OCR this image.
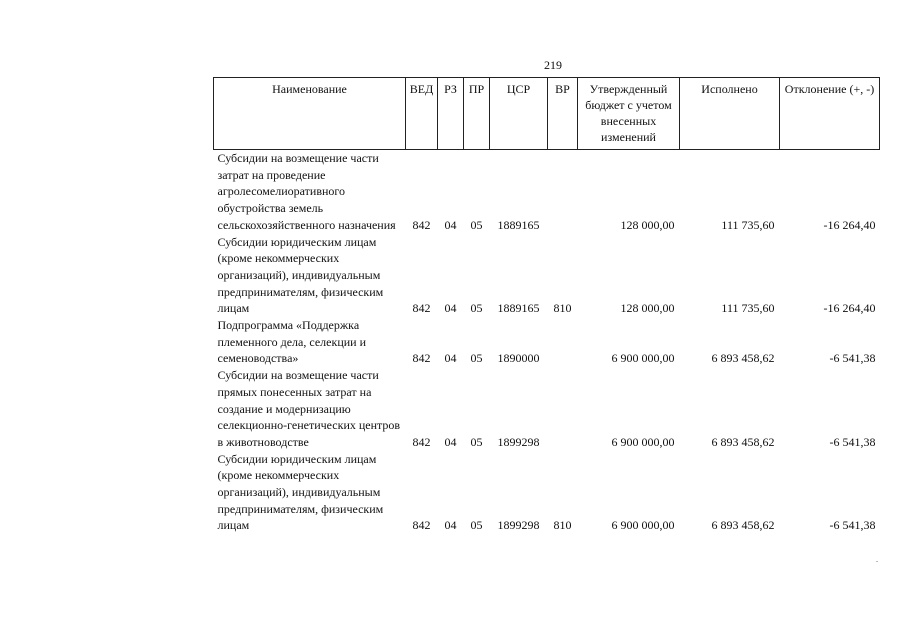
219
Наименование	ВЕД	РЗ	ПР	ЦСР	ВР	Утвержденный бюджет с учетом внесенных изменений	Исполнено	Отклонение (+, -)
Субсидии на возмещение части затрат на проведение агролесомелиоративного обустройства земель сельскохозяйственного назначения	842	04	05	1889165		128 000,00	111 735,60	-16 264,40
Субсидии юридическим лицам (кроме некоммерческих организаций), индивидуальным предпринимателям, физическим лицам	842	04	05	1889165	810	128 000,00	111 735,60	-16 264,40
Подпрограмма «Поддержка племенного дела, селекции и семеноводства»	842	04	05	1890000		6 900 000,00	6 893 458,62	-6 541,38
Субсидии на возмещение части прямых понесенных затрат на создание и модернизацию селекционно-генетических центров в животноводстве	842	04	05	1899298		6 900 000,00	6 893 458,62	-6 541,38
Субсидии юридическим лицам (кроме некоммерческих организаций), индивидуальным предпринимателям, физическим лицам	842	04	05	1899298	810	6 900 000,00	6 893 458,62	-6 541,38
